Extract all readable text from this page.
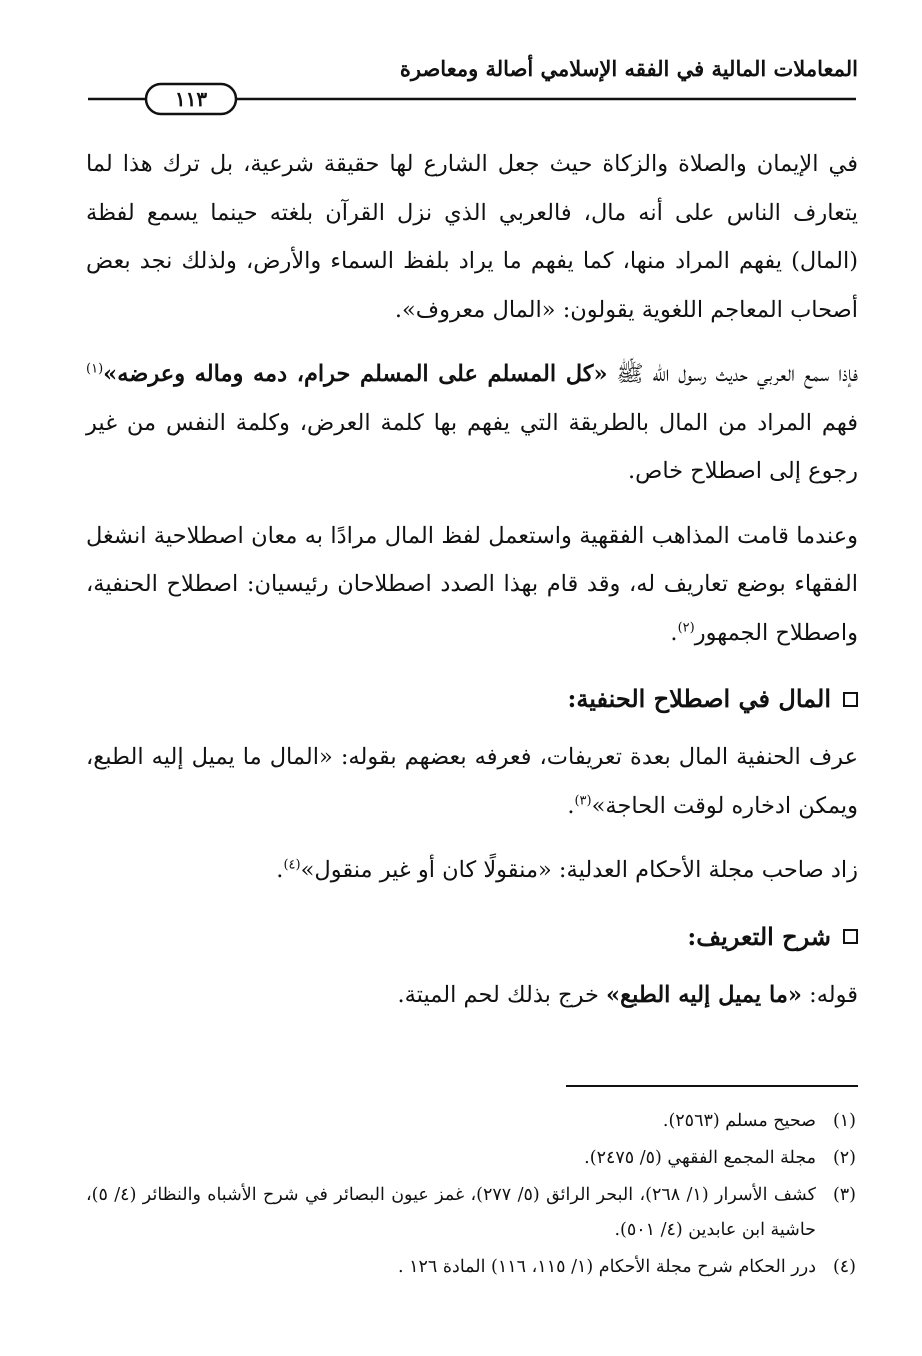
المعاملات المالية في الفقه الإسلامي أصالة ومعاصرة
١١٣

في الإيمان والصلاة والزكاة حيث جعل الشارع لها حقيقة شرعية، بل ترك هذا لما يتعارف الناس على أنه مال، فالعربي الذي نزل القرآن بلغته حينما يسمع لفظة (المال) يفهم المراد منها، كما يفهم ما يراد بلفظ السماء والأرض، ولذلك نجد بعض أصحاب المعاجم اللغوية يقولون: «المال معروف».

فإذا سمع العربي حديث رسول الله ﷺ «كل المسلم على المسلم حرام، دمه وماله وعرضه»$^{(١)}$ فهم المراد من المال بالطريقة التي يفهم بها كلمة العرض، وكلمة النفس من غير رجوع إلى اصطلاح خاص.

وعندما قامت المذاهب الفقهية واستعمل لفظ المال مرادًا به معان اصطلاحية انشغل الفقهاء بوضع تعاريف له، وقد قام بهذا الصدد اصطلاحان رئيسيان: اصطلاح الحنفية، واصطلاح الجمهور$^{(٢)}$.

المال في اصطلاح الحنفية:

عرف الحنفية المال بعدة تعريفات، فعرفه بعضهم بقوله: «المال ما يميل إليه الطبع، ويمكن ادخاره لوقت الحاجة»$^{(٣)}$.

زاد صاحب مجلة الأحكام العدلية: «منقولًا كان أو غير منقول»$^{(٤)}$.

شرح التعريف:

قوله: «ما يميل إليه الطبع» خرج بذلك لحم الميتة.

(١)
صحيح مسلم (٢٥٦٣).
(٢)
مجلة المجمع الفقهي (٥/ ٢٤٧٥).
(٣)
كشف الأسرار (١/ ٢٦٨)، البحر الرائق (٥/ ٢٧٧)، غمز عيون البصائر في شرح الأشباه والنظائر (٤/ ٥)، حاشية ابن عابدين (٤/ ٥٠١).
(٤)
درر الحكام شرح مجلة الأحكام (١/ ١١٥، ١١٦) المادة ١٢٦ .
